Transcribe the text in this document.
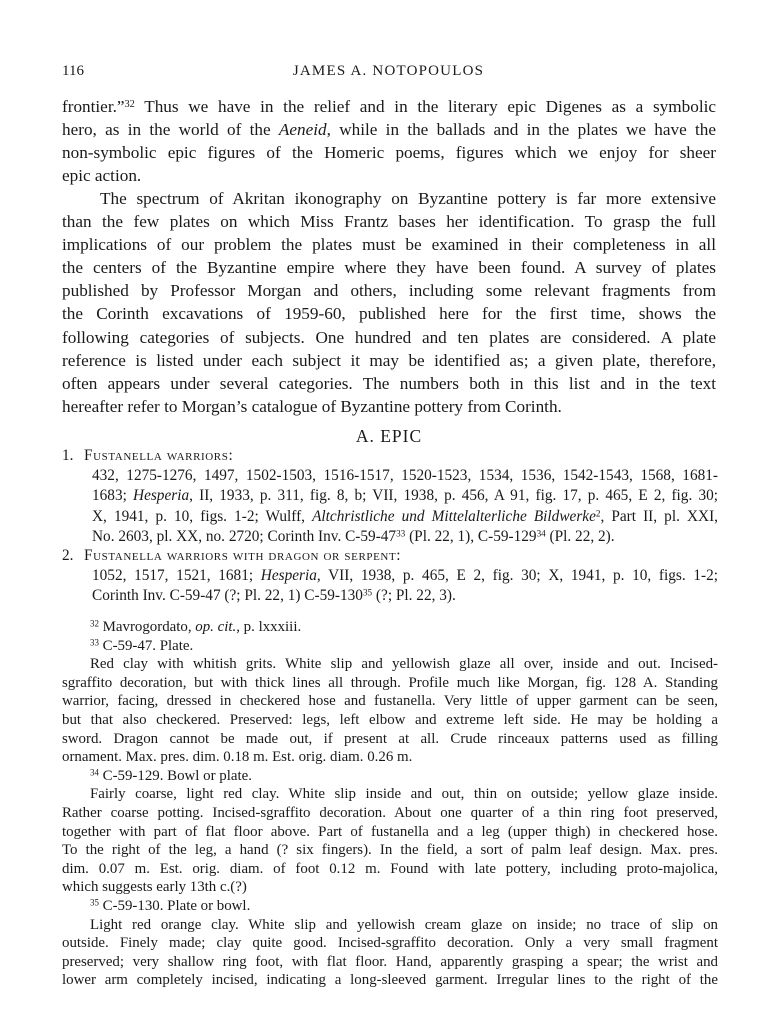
116	JAMES A. NOTOPOULOS
frontier.”$^{32}$ Thus we have in the relief and in the literary epic Digenes as a symbolic
hero, as in the world of the Aeneid, while in the ballads and in the plates we have the
non-symbolic epic figures of the Homeric poems, figures which we enjoy for sheer
epic action.
The spectrum of Akritan ikonography on Byzantine pottery is far more extensive
than the few plates on which Miss Frantz bases her identification. To grasp the full
implications of our problem the plates must be examined in their completeness in all
the centers of the Byzantine empire where they have been found. A survey of plates
published by Professor Morgan and others, including some relevant fragments from
the Corinth excavations of 1959-60, published here for the first time, shows the
following categories of subjects. One hundred and ten plates are considered. A plate
reference is listed under each subject it may be identified as; a given plate, therefore,
often appears under several categories. The numbers both in this list and in the text
hereafter refer to Morgan’s catalogue of Byzantine pottery from Corinth.
A. EPIC
1. Fustanella warriors:
432, 1275-1276, 1497, 1502-1503, 1516-1517, 1520-1523, 1534, 1536, 1542-1543, 1568, 1681-
1683; Hesperia, II, 1933, p. 311, fig. 8, b; VII, 1938, p. 456, A 91, fig. 17, p. 465, E 2, fig. 30;
X, 1941, p. 10, figs. 1-2; Wulff, Altchristliche und Mittelalterliche Bildwerke$^2$, Part II, pl. XXI,
No. 2603, pl. XX, no. 2720; Corinth Inv. $C-59-47^{33}$ (Pl. 22, 1), $C-59-129^{34}$ (Pl. 22, 2).
2. Fustanella warriors with dragon or serpent:
1052, 1517, 1521, 1681; Hesperia, VII, 1938, p. 465, E 2, fig. 30; X, 1941, p. 10, figs. 1-2;
Corinth Inv. C-59-47 (?; Pl. 22, 1) $C-59-130^{35}$ (?; Pl. 22, 3).
$^{32}$ Mavrogordato, op. cit., p. lxxxiii.
$^{33}$ C-59-47. Plate.
Red clay with whitish grits. White slip and yellowish glaze all over, inside and out. Incised-
sgraffito decoration, but with thick lines all through. Profile much like Morgan, fig. 128 A. Standing
warrior, facing, dressed in checkered hose and fustanella. Very little of upper garment can be seen,
but that also checkered. Preserved: legs, left elbow and extreme left side. He may be holding a
sword. Dragon cannot be made out, if present at all. Crude rinceaux patterns used as filling
ornament. Max. pres. dim. 0.18 m. Est. orig. diam. 0.26 m.
$^{34}$ C-59-129. Bowl or plate.
Fairly coarse, light red clay. White slip inside and out, thin on outside; yellow glaze inside.
Rather coarse potting. Incised-sgraffito decoration. About one quarter of a thin ring foot preserved,
together with part of flat floor above. Part of fustanella and a leg (upper thigh) in checkered hose.
To the right of the leg, a hand (? six fingers). In the field, a sort of palm leaf design. Max. pres.
dim. 0.07 m. Est. orig. diam. of foot 0.12 m. Found with late pottery, including proto-majolica,
which suggests early 13th c.(?)
$^{35}$ C-59-130. Plate or bowl.
Light red orange clay. White slip and yellowish cream glaze on inside; no trace of slip on
outside. Finely made; clay quite good. Incised-sgraffito decoration. Only a very small fragment
preserved; very shallow ring foot, with flat floor. Hand, apparently grasping a spear; the wrist and
lower arm completely incised, indicating a long-sleeved garment. Irregular lines to the right of the
